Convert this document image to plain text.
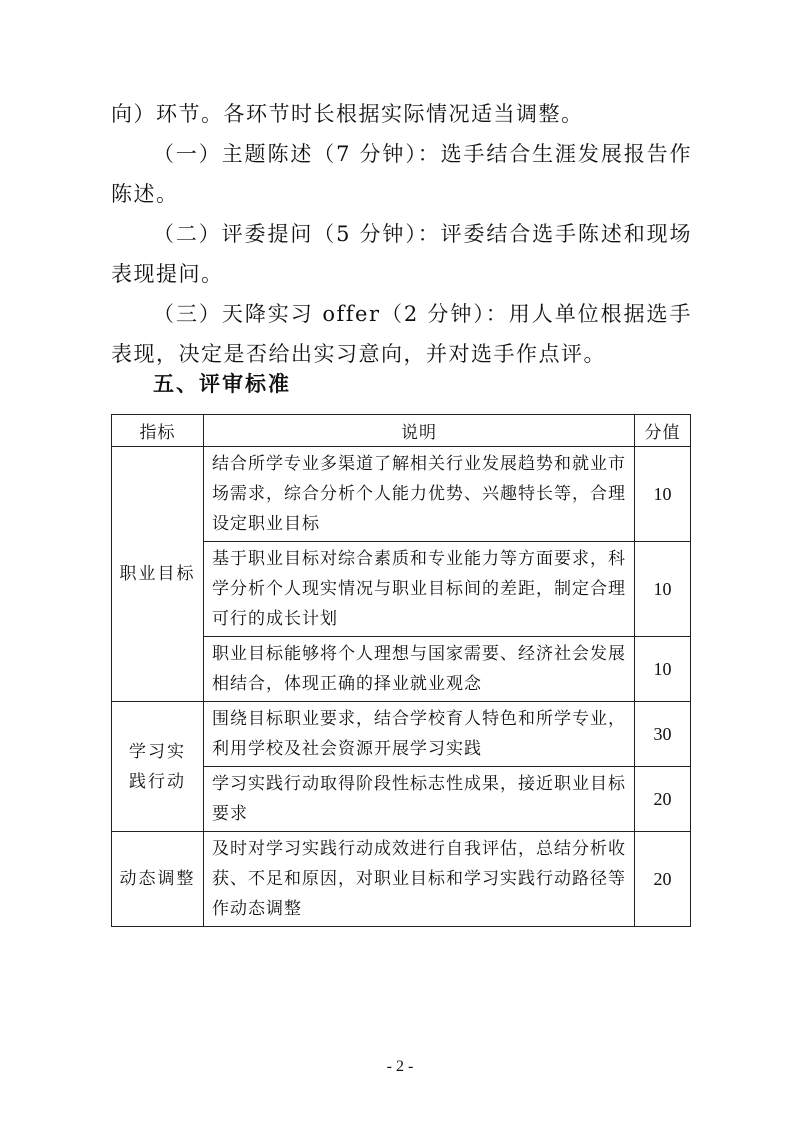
向）环节。各环节时长根据实际情况适当调整。

（一）主题陈述（7 分钟）：选手结合生涯发展报告作陈述。

（二）评委提问（5 分钟）：评委结合选手陈述和现场表现提问。

（三）天降实习 offer（2 分钟）：用人单位根据选手表现，决定是否给出实习意向，并对选手作点评。

五、评审标准
指标	说明	分值
职业目标	结合所学专业多渠道了解相关行业发展趋势和就业市场需求，综合分析个人能力优势、兴趣特长等，合理设定职业目标	10
	基于职业目标对综合素质和专业能力等方面要求，科学分析个人现实情况与职业目标间的差距，制定合理可行的成长计划	10
	职业目标能够将个人理想与国家需要、经济社会发展相结合，体现正确的择业就业观念	10
学习实践行动	围绕目标职业要求，结合学校育人特色和所学专业，利用学校及社会资源开展学习实践	30
	学习实践行动取得阶段性标志性成果，接近职业目标要求	20
动态调整	及时对学习实践行动成效进行自我评估，总结分析收获、不足和原因，对职业目标和学习实践行动路径等作动态调整	20

- 2 -
